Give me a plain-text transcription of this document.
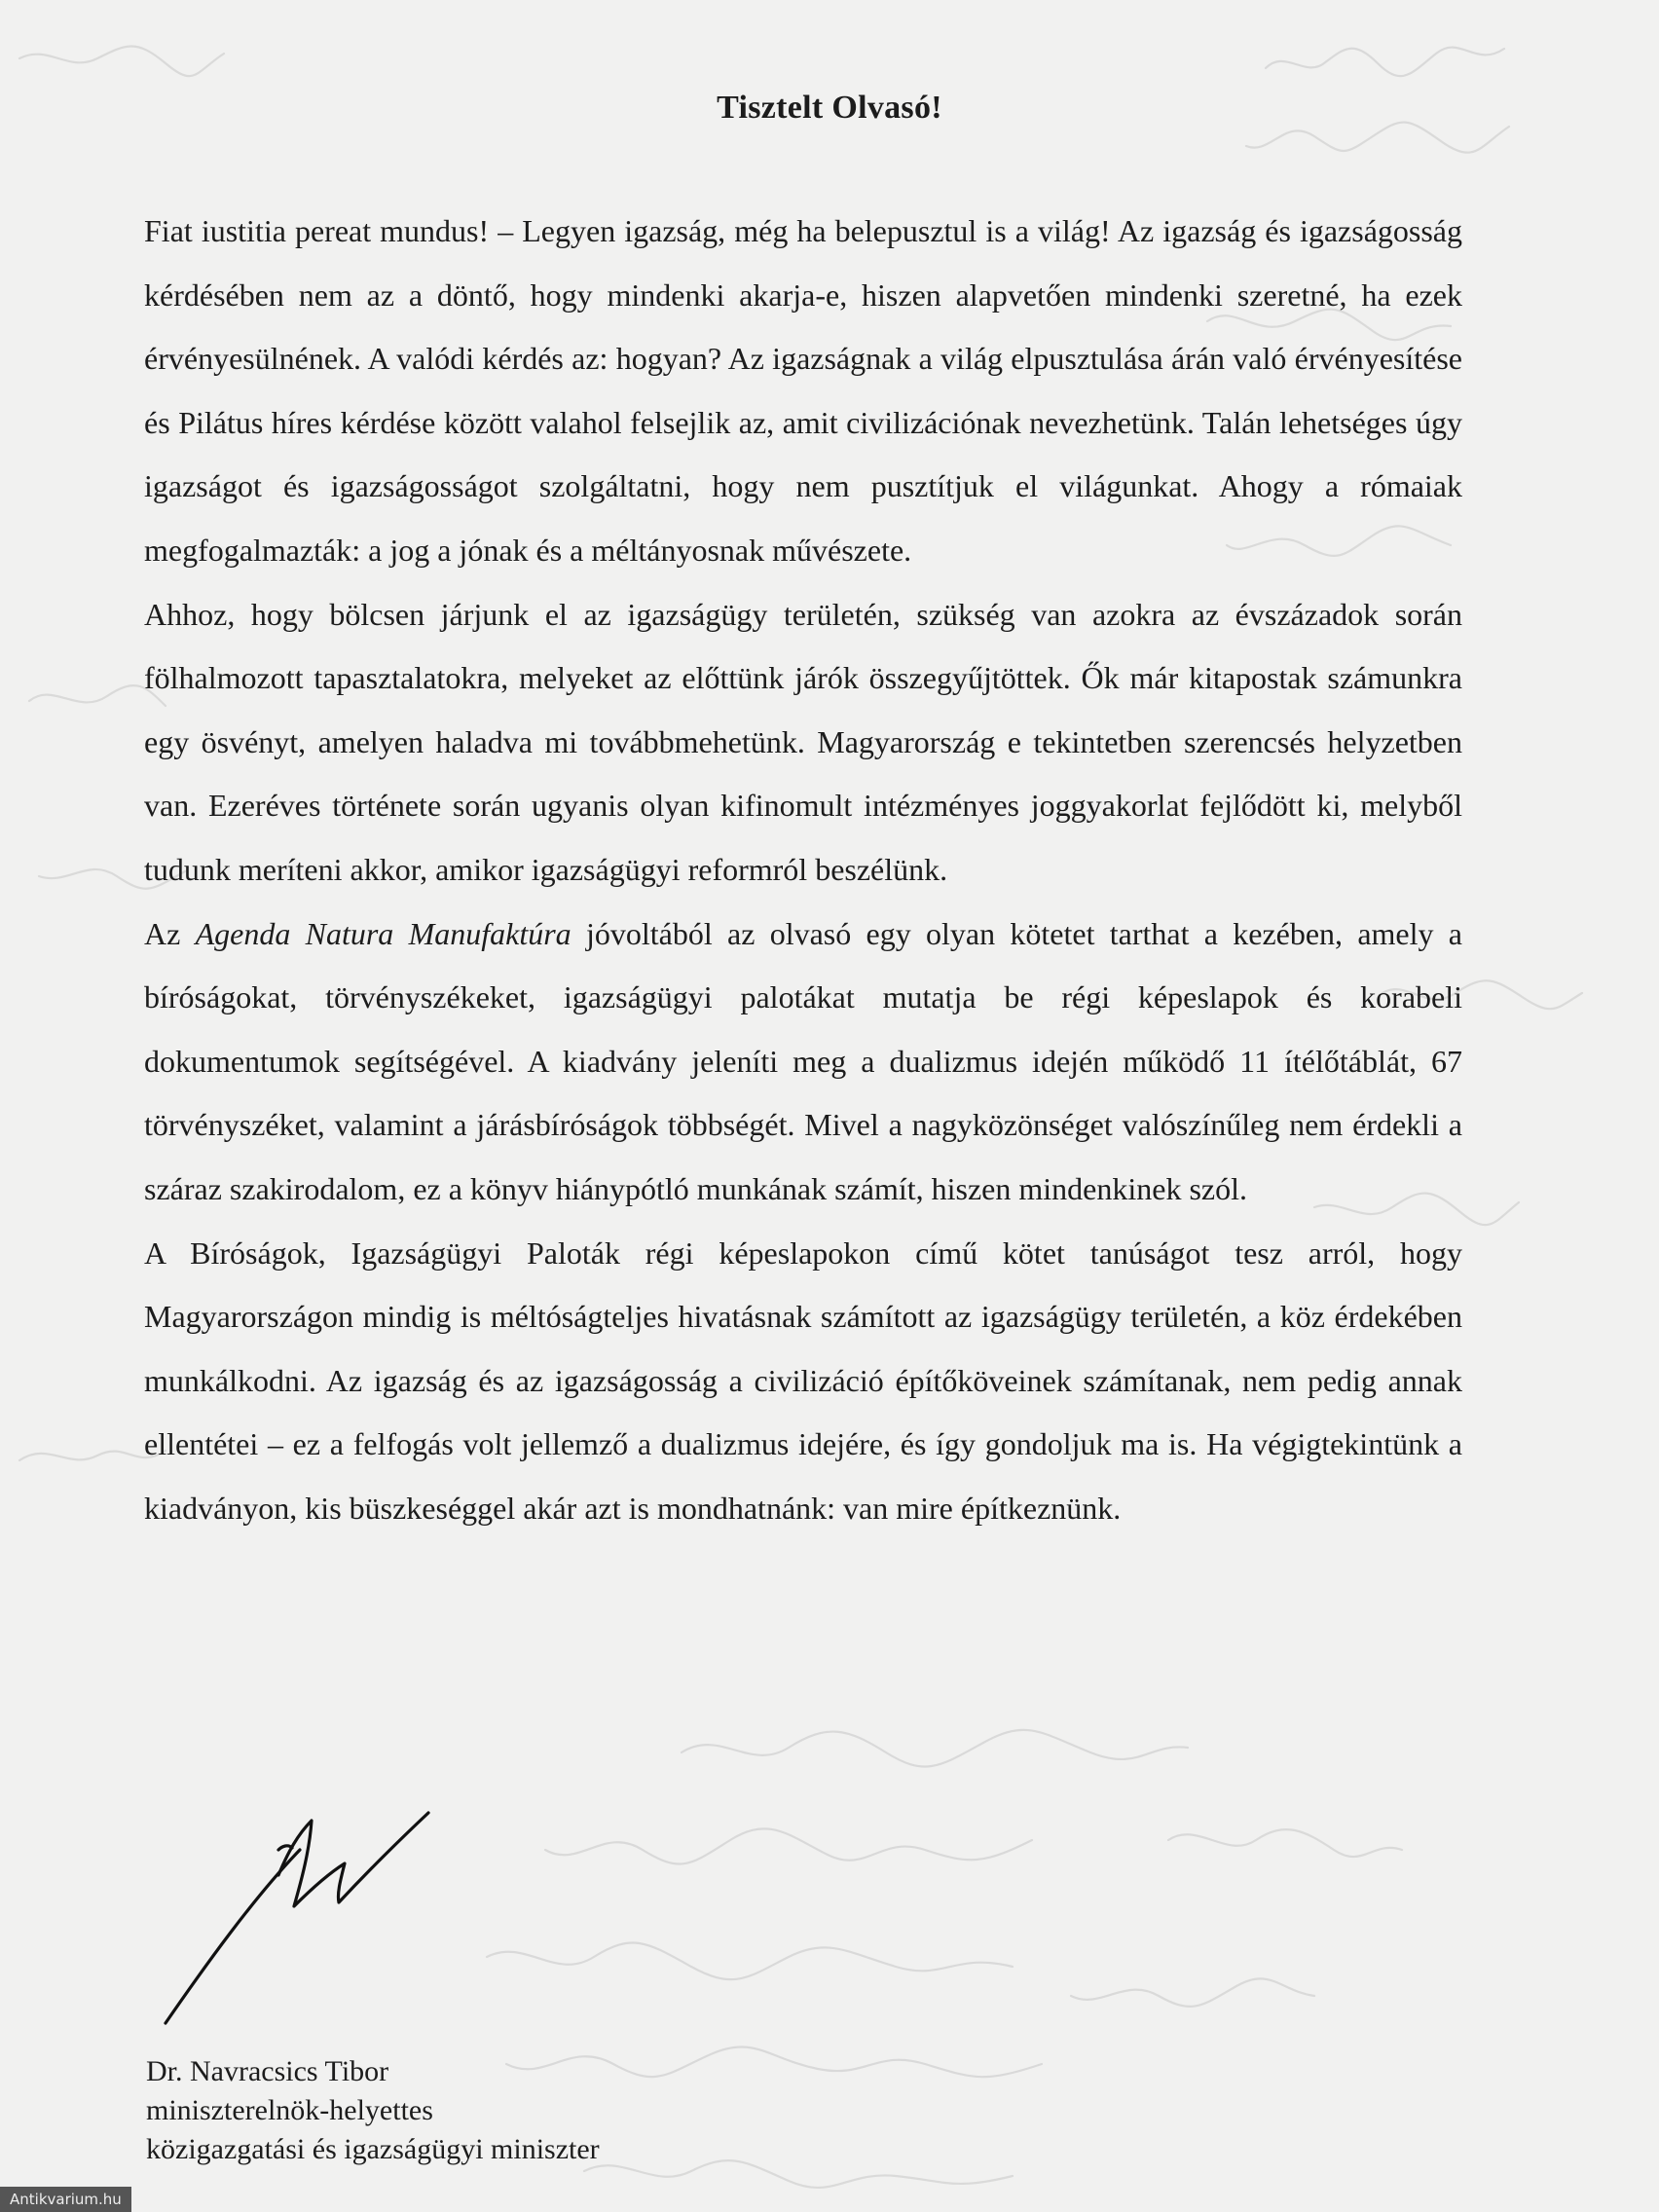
Tisztelt Olvasó!

Fiat iustitia pereat mundus! – Legyen igazság, még ha belepusztul is a világ! Az igazság és igazságosság kérdésében nem az a döntő, hogy mindenki akarja-e, hiszen alapvetően mindenki szeretné, ha ezek érvényesülnének. A valódi kérdés az: hogyan? Az igazságnak a világ elpusztulása árán való érvényesítése és Pilátus híres kérdése között valahol felsejlik az, amit civilizációnak nevezhetünk. Talán lehetséges úgy igazságot és igazságosságot szolgáltatni, hogy nem pusztítjuk el világunkat. Ahogy a rómaiak megfogalmazták: a jog a jónak és a méltányosnak művészete.

Ahhoz, hogy bölcsen járjunk el az igazságügy területén, szükség van azokra az évszázadok során fölhalmozott tapasztalatokra, melyeket az előttünk járók összegyűjtöttek. Ők már kitapostak számunkra egy ösvényt, amelyen haladva mi továbbmehetünk. Magyarország e tekintetben szerencsés helyzetben van. Ezeréves története során ugyanis olyan kifinomult intézményes joggyakorlat fejlődött ki, melyből tudunk meríteni akkor, amikor igazságügyi reformról beszélünk.

Az Agenda Natura Manufaktúra jóvoltából az olvasó egy olyan kötetet tarthat a kezében, amely a bíróságokat, törvényszékeket, igazságügyi palotákat mutatja be régi képeslapok és korabeli dokumentumok segítségével. A kiadvány jeleníti meg a dualizmus idején működő 11 ítélőtáblát, 67 törvényszéket, valamint a járásbíróságok többségét. Mivel a nagyközönséget valószínűleg nem érdekli a száraz szakirodalom, ez a könyv hiánypótló munkának számít, hiszen mindenkinek szól.

A Bíróságok, Igazságügyi Paloták régi képeslapokon című kötet tanúságot tesz arról, hogy Magyarországon mindig is méltóságteljes hivatásnak számított az igazságügy területén, a köz érdekében munkálkodni. Az igazság és az igazságosság a civilizáció építőköveinek számítanak, nem pedig annak ellentétei – ez a felfogás volt jellemző a dualizmus idejére, és így gondoljuk ma is. Ha végigtekintünk a kiadványon, kis büszkeséggel akár azt is mondhatnánk: van mire építkeznünk.

Dr. Navracsics Tibor
miniszterelnök-helyettes
közigazgatási és igazságügyi miniszter
Antikvarium.hu
